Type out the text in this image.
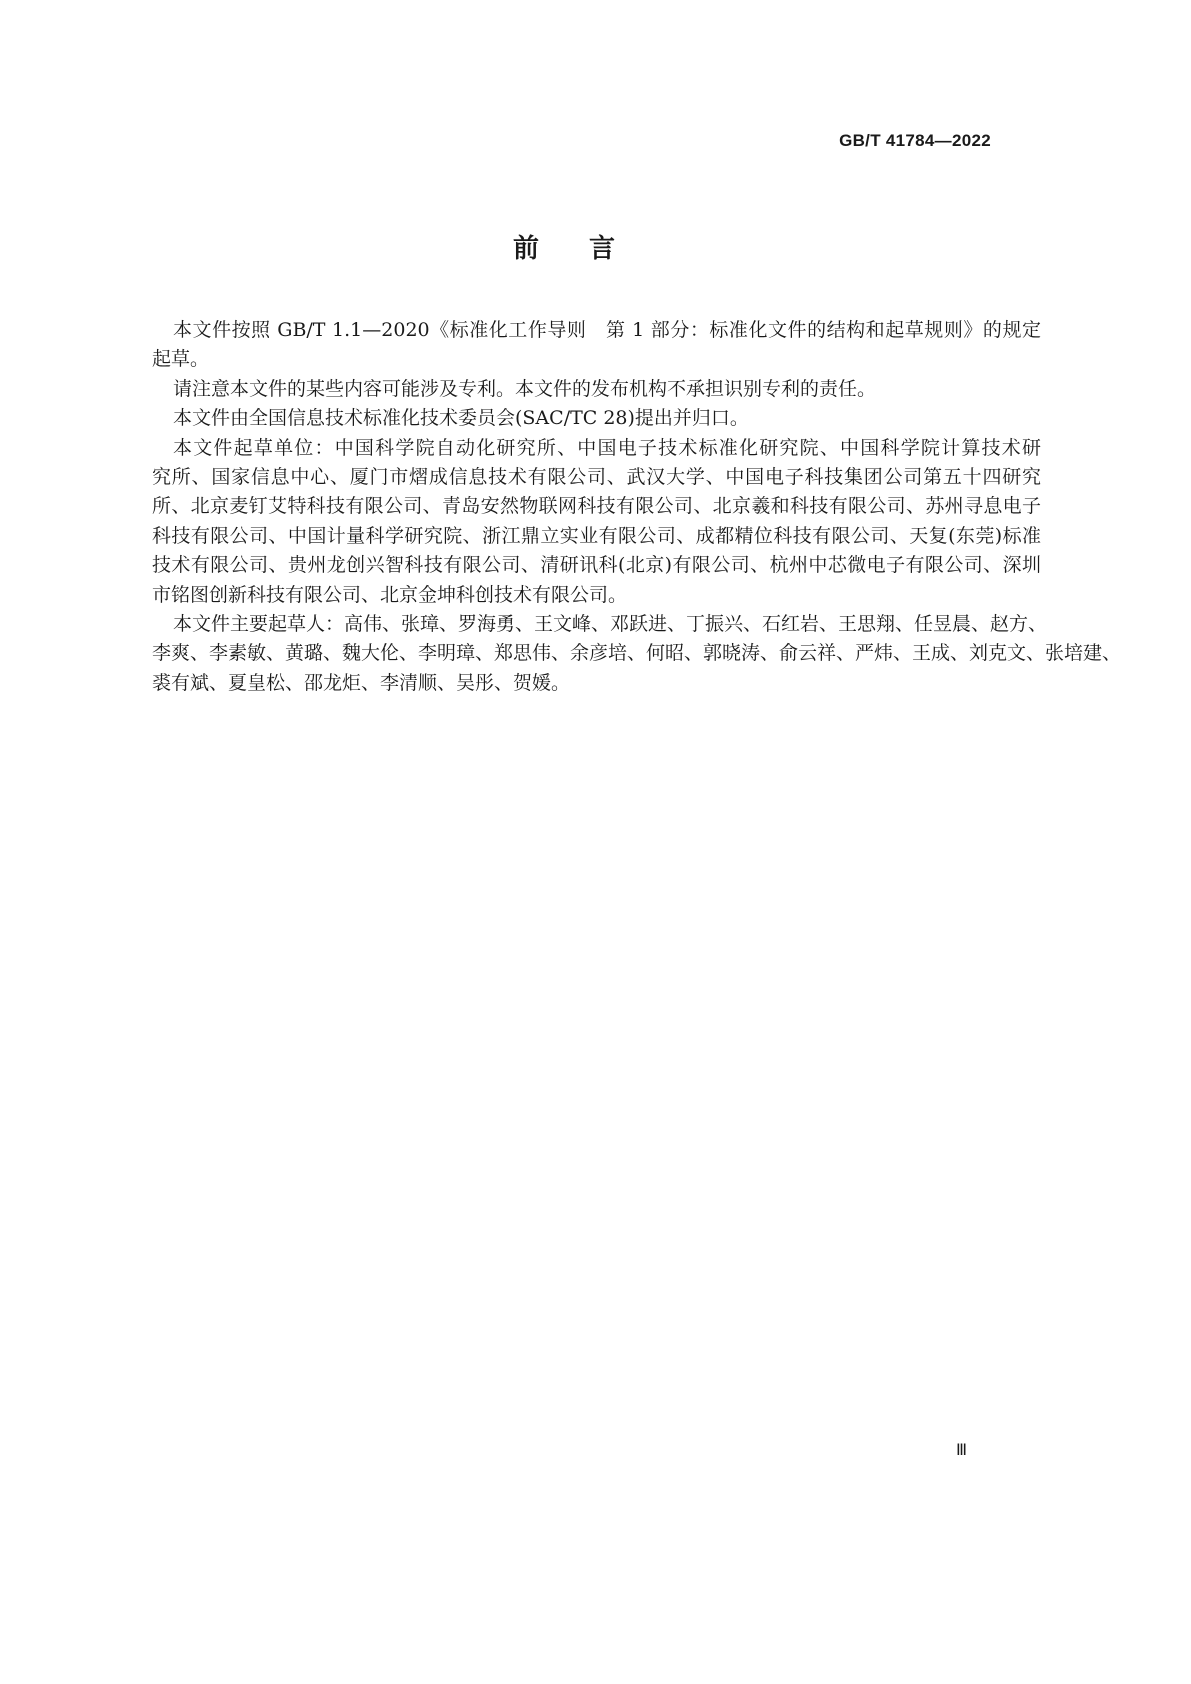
GB/T 41784—2022
前 言
本文件按照 GB/T 1.1—2020《标准化工作导则　第 1 部分：标准化文件的结构和起草规则》的规定
起草。
请注意本文件的某些内容可能涉及专利。本文件的发布机构不承担识别专利的责任。
本文件由全国信息技术标准化技术委员会(SAC/TC 28)提出并归口。
本文件起草单位：中国科学院自动化研究所、中国电子技术标准化研究院、中国科学院计算技术研
究所、国家信息中心、厦门市熠成信息技术有限公司、武汉大学、中国电子科技集团公司第五十四研究
所、北京麦钉艾特科技有限公司、青岛安然物联网科技有限公司、北京羲和科技有限公司、苏州寻息电子
科技有限公司、中国计量科学研究院、浙江鼎立实业有限公司、成都精位科技有限公司、天复(东莞)标准
技术有限公司、贵州龙创兴智科技有限公司、清研讯科(北京)有限公司、杭州中芯微电子有限公司、深圳
市铭图创新科技有限公司、北京金坤科创技术有限公司。
本文件主要起草人：高伟、张璋、罗海勇、王文峰、邓跃进、丁振兴、石红岩、王思翔、任昱晨、赵方、
李爽、李素敏、黄璐、魏大伦、李明璋、郑思伟、余彦培、何昭、郭晓涛、俞云祥、严炜、王成、刘克文、张培建、
裘有斌、夏皇松、邵龙炬、李清顺、吴彤、贺媛。
Ⅲ
